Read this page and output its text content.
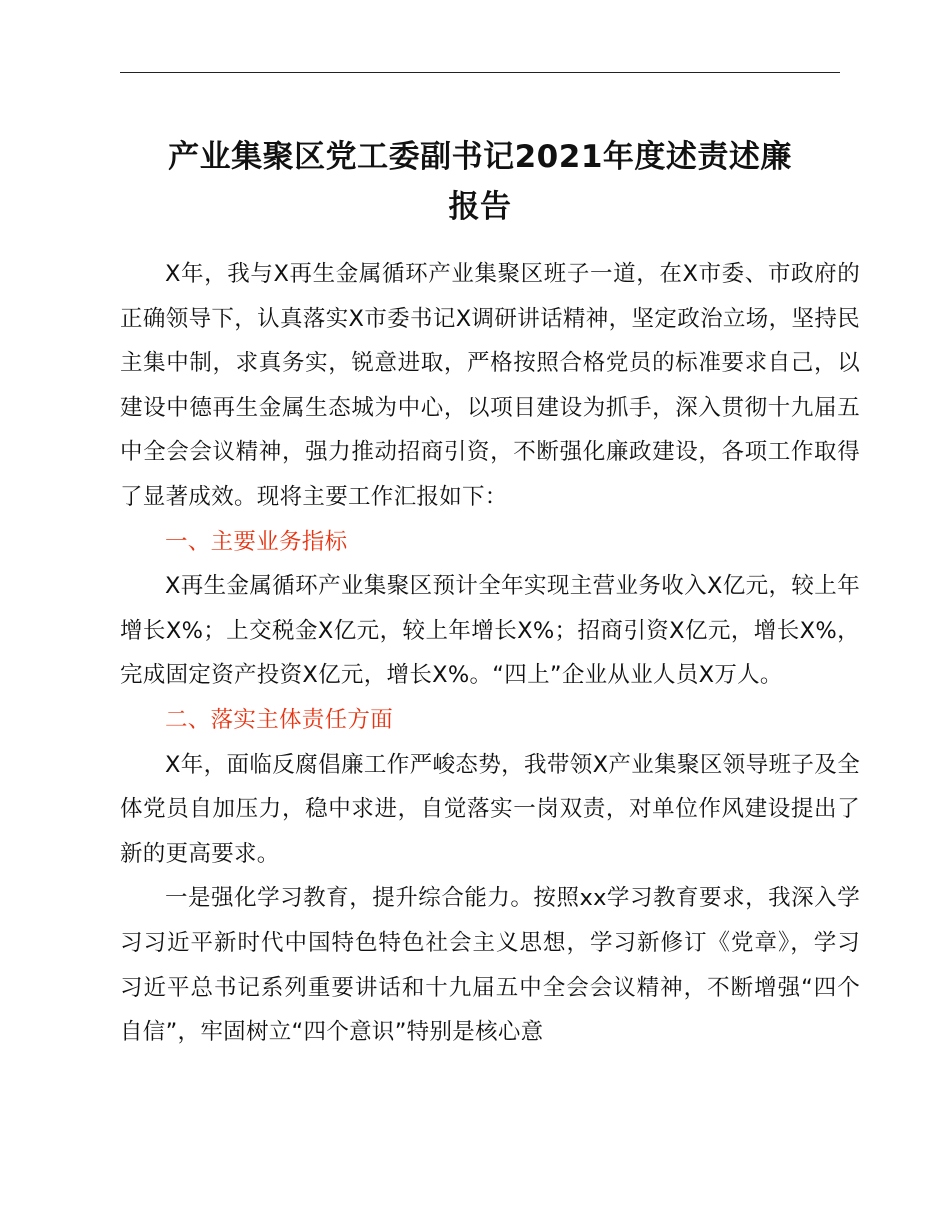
产业集聚区党工委副书记2021年度述责述廉
报告

X年，我与X再生金属循环产业集聚区班子一道，在X市委、市政府的正确领导下，认真落实X市委书记X调研讲话精神，坚定政治立场，坚持民主集中制，求真务实，锐意进取，严格按照合格党员的标准要求自己，以建设中德再生金属生态城为中心，以项目建设为抓手，深入贯彻十九届五中全会会议精神，强力推动招商引资，不断强化廉政建设，各项工作取得了显著成效。现将主要工作汇报如下：

一、主要业务指标

X再生金属循环产业集聚区预计全年实现主营业务收入X亿元，较上年增长X%；上交税金X亿元，较上年增长X%；招商引资X亿元，增长X%，完成固定资产投资X亿元，增长X%。“四上”企业从业人员X万人。

二、落实主体责任方面

X年，面临反腐倡廉工作严峻态势，我带领X产业集聚区领导班子及全体党员自加压力，稳中求进，自觉落实一岗双责，对单位作风建设提出了新的更高要求。

一是强化学习教育，提升综合能力。按照xx学习教育要求，我深入学习习近平新时代中国特色特色社会主义思想，学习新修订《党章》，学习习近平总书记系列重要讲话和十九届五中全会会议精神，不断增强“四个自信”，牢固树立“四个意识”特别是核心意
